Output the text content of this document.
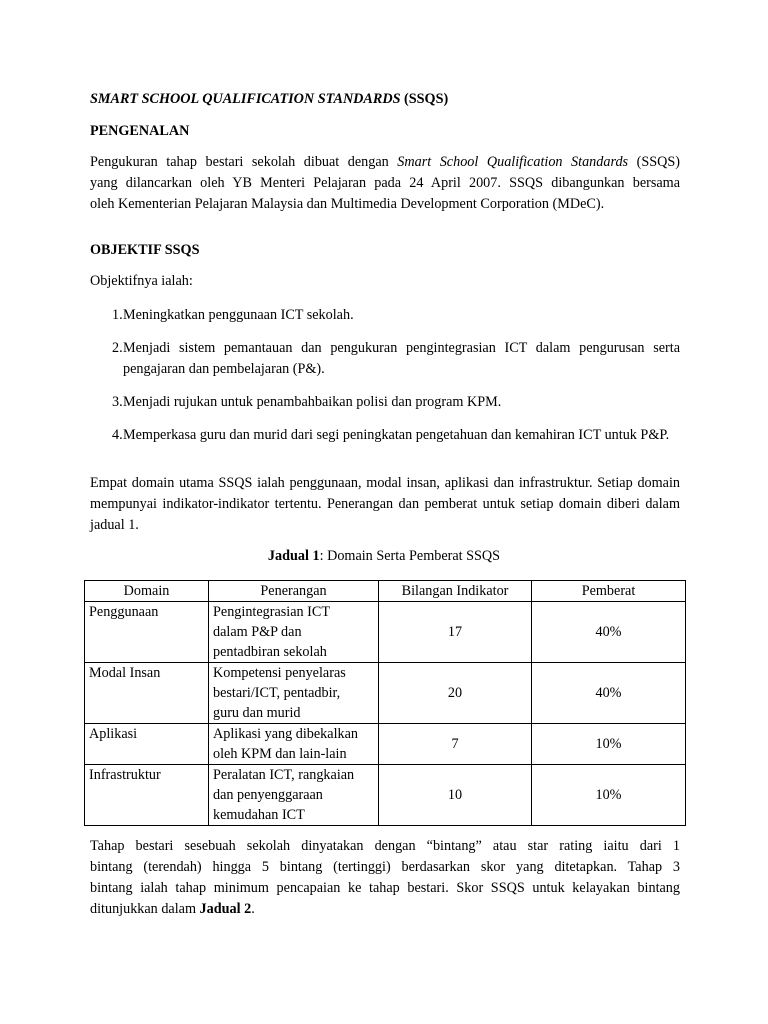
SMART SCHOOL QUALIFICATION STANDARDS (SSQS)
PENGENALAN
Pengukuran tahap bestari sekolah dibuat dengan Smart School Qualification Standards (SSQS)
yang dilancarkan oleh YB Menteri Pelajaran pada 24 April 2007. SSQS dibangunkan bersama
oleh Kementerian Pelajaran Malaysia dan Multimedia Development Corporation (MDeC).
OBJEKTIF SSQS
Objektifnya ialah:
1. Meningkatkan penggunaan ICT sekolah.
2. Menjadi sistem pemantauan dan pengukuran pengintegrasian ICT dalam pengurusan serta pengajaran dan pembelajaran (P&).
3. Menjadi rujukan untuk penambahbaikan polisi dan program KPM.
4. Memperkasa guru dan murid dari segi peningkatan pengetahuan dan kemahiran ICT untuk P&P.
Empat domain utama SSQS ialah penggunaan, modal insan, aplikasi dan infrastruktur. Setiap domain mempunyai indikator-indikator tertentu. Penerangan dan pemberat untuk setiap domain diberi dalam jadual 1.
Jadual 1: Domain Serta Pemberat SSQS
Domain	Penerangan	Bilangan Indikator	Pemberat
Penggunaan	Pengintegrasian ICT
dalam P&P dan
pentadbiran sekolah	17	40%
Modal Insan	Kompetensi penyelaras
bestari/ICT, pentadbir,
guru dan murid	20	40%
Aplikasi	Aplikasi yang dibekalkan
oleh KPM dan lain-lain	7	10%
Infrastruktur	Peralatan ICT, rangkaian
dan penyenggaraan
kemudahan ICT	10	10%
Tahap bestari sesebuah sekolah dinyatakan dengan “bintang” atau star rating iaitu dari 1
bintang (terendah) hingga 5 bintang (tertinggi) berdasarkan skor yang ditetapkan. Tahap 3
bintang ialah tahap minimum pencapaian ke tahap bestari. Skor SSQS untuk kelayakan bintang
ditunjukkan dalam Jadual 2.
